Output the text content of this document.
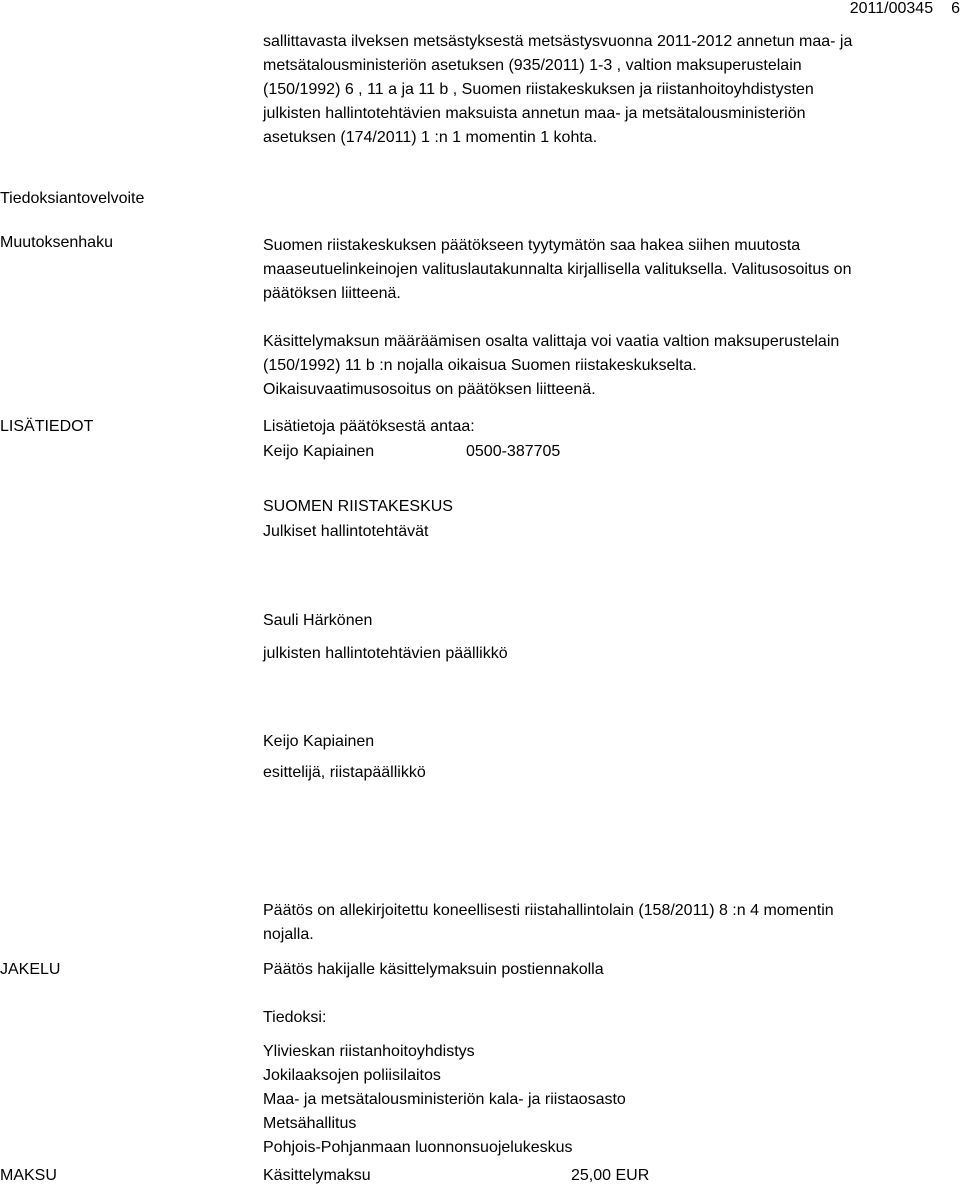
2011/00345 6

sallittavasta ilveksen metsästyksestä metsästysvuonna 2011-2012 annetun maa- ja

metsätalousministeriön asetuksen (935/2011) 1-3 , valtion maksuperustelain

(150/1992) 6 , 11 a ja 11 b , Suomen riistakeskuksen ja riistanhoitoyhdistysten

julkisten hallintotehtävien maksuista annetun maa- ja metsätalousministeriön

asetuksen (174/2011) 1 :n 1 momentin 1 kohta.

Tiedoksiantovelvoite
Muutoksenhaku	Suomen riistakeskuksen päätökseen tyytymätön saa hakea siihen muutosta

maaseutuelinkeinojen valituslautakunnalta kirjallisella valituksella. Valitusosoitus on

päätöksen liitteenä.

Käsittelymaksun määräämisen osalta valittaja voi vaatia valtion maksuperustelain

(150/1992) 11 b :n nojalla oikaisua Suomen riistakeskukselta.

Oikaisuvaatimusosoitus on päätöksen liitteenä.

LISÄTIEDOT	Lisätietoja päätöksestä antaa:
Keijo Kapiainen	0500-387705
SUOMEN RIISTAKESKUS
Julkiset hallintotehtävät
Sauli Härkönen
julkisten hallintotehtävien päällikkö
Keijo Kapiainen
esittelijä, riistapäällikkö

Päätös on allekirjoitettu koneellisesti riistahallintolain (158/2011) 8 :n 4 momentin

nojalla.

JAKELU	Päätös hakijalle käsittelymaksuin postiennakolla
Tiedoksi:

Ylivieskan riistanhoitoyhdistys

Jokilaaksojen poliisilaitos

Maa- ja metsätalousministeriön kala- ja riistaosasto

Metsähallitus

Pohjois-Pohjanmaan luonnonsuojelukeskus

MAKSU	Käsittelymaksu	25,00 EUR
